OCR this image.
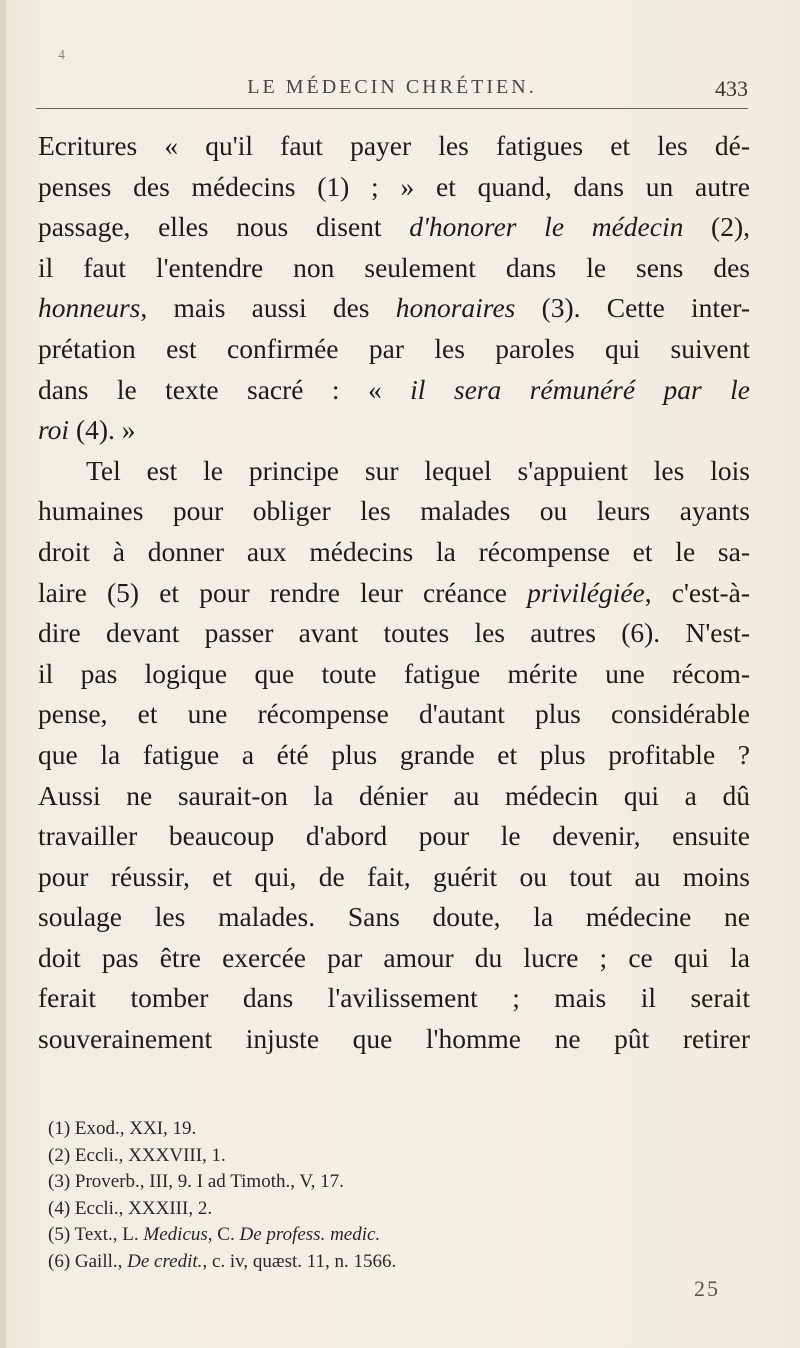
4
LE MÉDECIN CHRÉTIEN.	433
Ecritures « qu'il faut payer les fatigues et les dé-
penses des médecins (1) ; » et quand, dans un autre
passage, elles nous disent d'honorer le médecin (2),
il faut l'entendre non seulement dans le sens des
honneurs, mais aussi des honoraires (3). Cette inter-
prétation est confirmée par les paroles qui suivent
dans le texte sacré : « il sera rémunéré par le
roi (4). »
Tel est le principe sur lequel s'appuient les lois
humaines pour obliger les malades ou leurs ayants
droit à donner aux médecins la récompense et le sa-
laire (5) et pour rendre leur créance privilégiée, c'est-à-
dire devant passer avant toutes les autres (6). N'est-
il pas logique que toute fatigue mérite une récom-
pense, et une récompense d'autant plus considérable
que la fatigue a été plus grande et plus profitable ?
Aussi ne saurait-on la dénier au médecin qui a dû
travailler beaucoup d'abord pour le devenir, ensuite
pour réussir, et qui, de fait, guérit ou tout au moins
soulage les malades. Sans doute, la médecine ne
doit pas être exercée par amour du lucre ; ce qui la
ferait tomber dans l'avilissement ; mais il serait
souverainement injuste que l'homme ne pût retirer
(1) Exod., XXI, 19.
(2) Eccli., XXXVIII, 1.
(3) Proverb., III, 9. I ad Timoth., V, 17.
(4) Eccli., XXXIII, 2.
(5) Text., L. Medicus, C. De profess. medic.
(6) Gaill., De credit., c. iv, quæst. 11, n. 1566.
25
